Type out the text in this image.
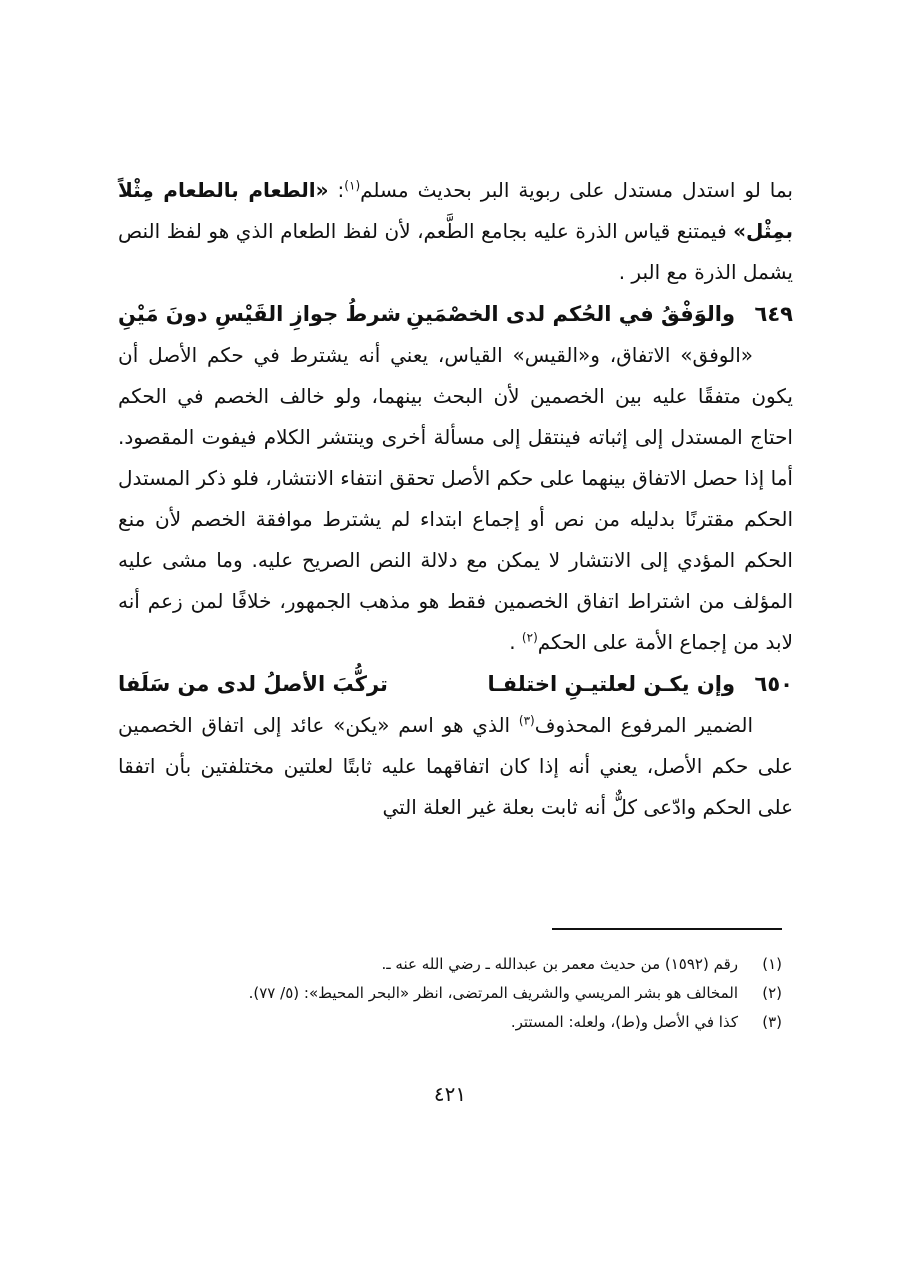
بما لو استدل مستدل على ربوية البر بحديث مسلم$^{(١)}$: «الطعام بالطعام مِثْلاً بمِثْل» فيمتنع قياس الذرة عليه بجامع الطَّعم، لأن لفظ الطعام الذي هو لفظ النص يشمل الذرة مع البر .

٦٤٩
والوَفْقُ في الحُكم لدى الخصْمَينِ
شرطُ جوازِ القَيْسِ دونَ مَيْنِ

«الوفق» الاتفاق، و«القيس» القياس، يعني أنه يشترط في حكم الأصل أن يكون متفقًا عليه بين الخصمين لأن البحث بينهما، ولو خالف الخصم في الحكم احتاج المستدل إلى إثباته فينتقل إلى مسألة أخرى وينتشر الكلام فيفوت المقصود. أما إذا حصل الاتفاق بينهما على حكم الأصل تحقق انتفاء الانتشار، فلو ذكر المستدل الحكم مقترنًا بدليله من نص أو إجماع ابتداء لم يشترط موافقة الخصم لأن منع الحكم المؤدي إلى الانتشار لا يمكن مع دلالة النص الصريح عليه. وما مشى عليه المؤلف من اشتراط اتفاق الخصمين فقط هو مذهب الجمهور، خلافًا لمن زعم أنه لابد من إجماع الأمة على الحكم$^{(٢)}$ .

٦٥٠
وإن يكـن لعلتيـنِ اختلفـا
تركُّبَ الأصلُ لدى من سَلَفا

الضمير المرفوع المحذوف$^{(٣)}$ الذي هو اسم «يكن» عائد إلى اتفاق الخصمين على حكم الأصل، يعني أنه إذا كان اتفاقهما عليه ثابتًا لعلتين مختلفتين بأن اتفقا على الحكم وادّعى كلٌّ أنه ثابت بعلة غير العلة التي

(١)رقم (١٥٩٢) من حديث معمر بن عبدالله ـ رضي الله عنه ـ.

(٢)المخالف هو بشر المريسي والشريف المرتضى، انظر «البحر المحيط»: (٥/ ٧٧).

(٣)كذا في الأصل و(ط)، ولعله: المستتر.

٤٢١
